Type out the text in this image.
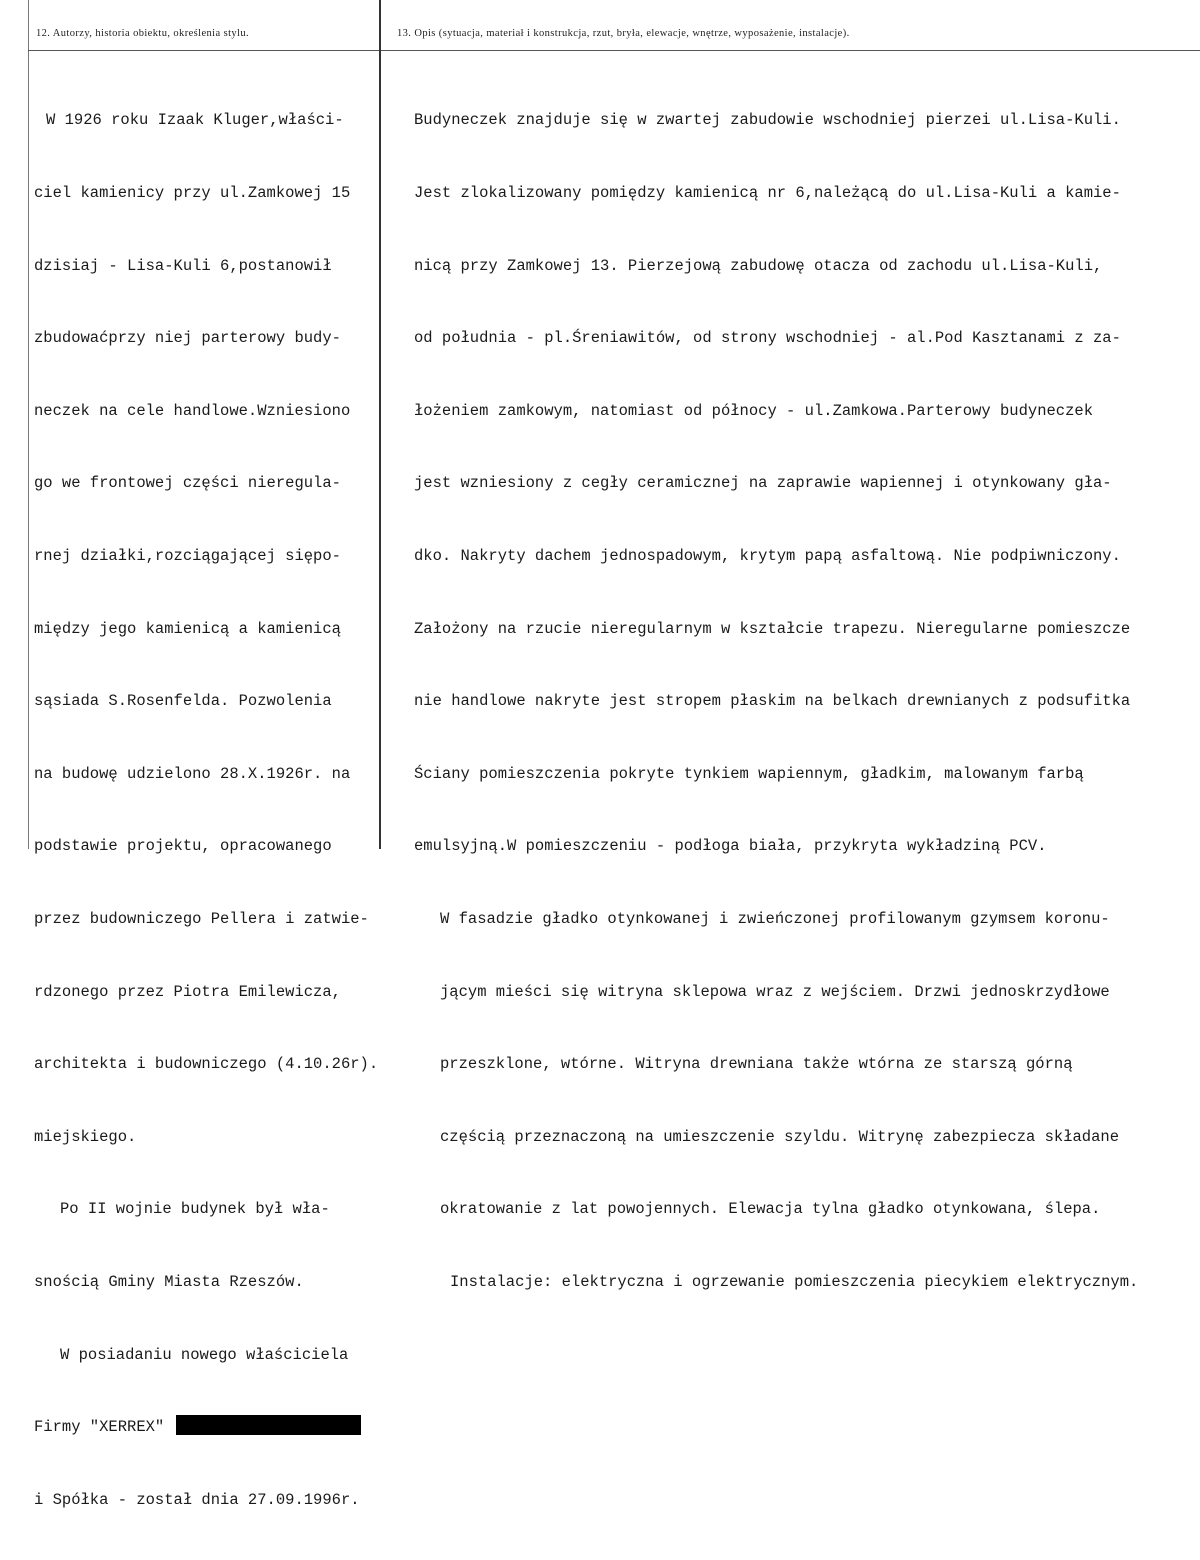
12. Autorzy, historia obiektu, określenia stylu.	13. Opis (sytuacja, materiał i konstrukcja, rzut, bryła, elewacje, wnętrze, wyposażenie, instalacje).

W 1926 roku Izaak Kluger,właści-

ciel kamienicy przy ul.Zamkowej 15

dzisiaj - Lisa-Kuli 6,postanowił

zbudowaćprzy niej parterowy budy-

neczek na cele handlowe.Wzniesiono

go we frontowej części nieregula-

rnej działki,rozciągającej siępo-

między jego kamienicą a kamienicą

sąsiada S.Rosenfelda. Pozwolenia

na budowę udzielono 28.X.1926r. na

podstawie projektu, opracowanego

przez budowniczego Pellera i zatwie-

rdzonego przez Piotra Emilewicza,

architekta i budowniczego (4.10.26r).

miejskiego.

Po II wojnie budynek był wła-

snością Gminy Miasta Rzeszów.

W posiadaniu nowego właściciela

Firmy "XERREX"

i Spółka - został dnia 27.09.1996r.

Budyneczek znajduje się w zwartej zabudowie wschodniej pierzei ul.Lisa-Kuli.

Jest zlokalizowany pomiędzy kamienicą nr 6,należącą do ul.Lisa-Kuli a kamie-

nicą przy Zamkowej 13. Pierzejową zabudowę otacza od zachodu ul.Lisa-Kuli,

od południa - pl.Śreniawitów, od strony wschodniej - al.Pod Kasztanami z za-

łożeniem zamkowym, natomiast od północy - ul.Zamkowa.Parterowy budyneczek

jest wzniesiony z cegły ceramicznej na zaprawie wapiennej i otynkowany gła-

dko. Nakryty dachem jednospadowym, krytym papą asfaltową. Nie podpiwniczony.

Założony na rzucie nieregularnym w kształcie trapezu. Nieregularne pomieszcze

nie handlowe nakryte jest stropem płaskim na belkach drewnianych z podsufitka

Ściany pomieszczenia pokryte tynkiem wapiennym, gładkim, malowanym farbą

emulsyjną.W pomieszczeniu - podłoga biała, przykryta wykładziną PCV.

W fasadzie gładko otynkowanej i zwieńczonej profilowanym gzymsem koronu-

jącym mieści się witryna sklepowa wraz z wejściem. Drzwi jednoskrzydłowe

przeszklone, wtórne. Witryna drewniana także wtórna ze starszą górną

częścią przeznaczoną na umieszczenie szyldu. Witrynę zabezpiecza składane

okratowanie z lat powojennych. Elewacja tylna gładko otynkowana, ślepa.

Instalacje: elektryczna i ogrzewanie pomieszczenia piecykiem elektrycznym.
